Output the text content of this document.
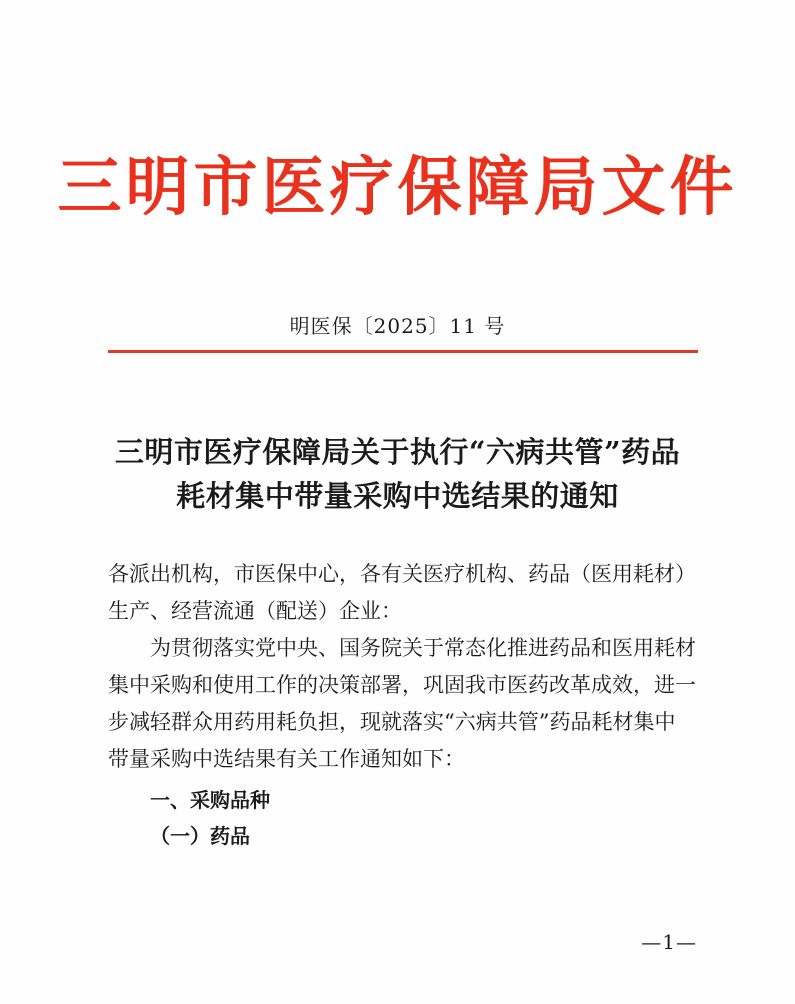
三明市医疗保障局文件
明医保〔2025〕11 号
三明市医疗保障局关于执行“六病共管”药品
耗材集中带量采购中选结果的通知
各派出机构，市医保中心，各有关医疗机构、药品（医用耗材）
生产、经营流通（配送）企业：
为贯彻落实党中央、国务院关于常态化推进药品和医用耗材
集中采购和使用工作的决策部署，巩固我市医药改革成效，进一
步减轻群众用药用耗负担，现就落实“六病共管”药品耗材集中
带量采购中选结果有关工作通知如下：
一、采购品种
（一）药品
—1—
